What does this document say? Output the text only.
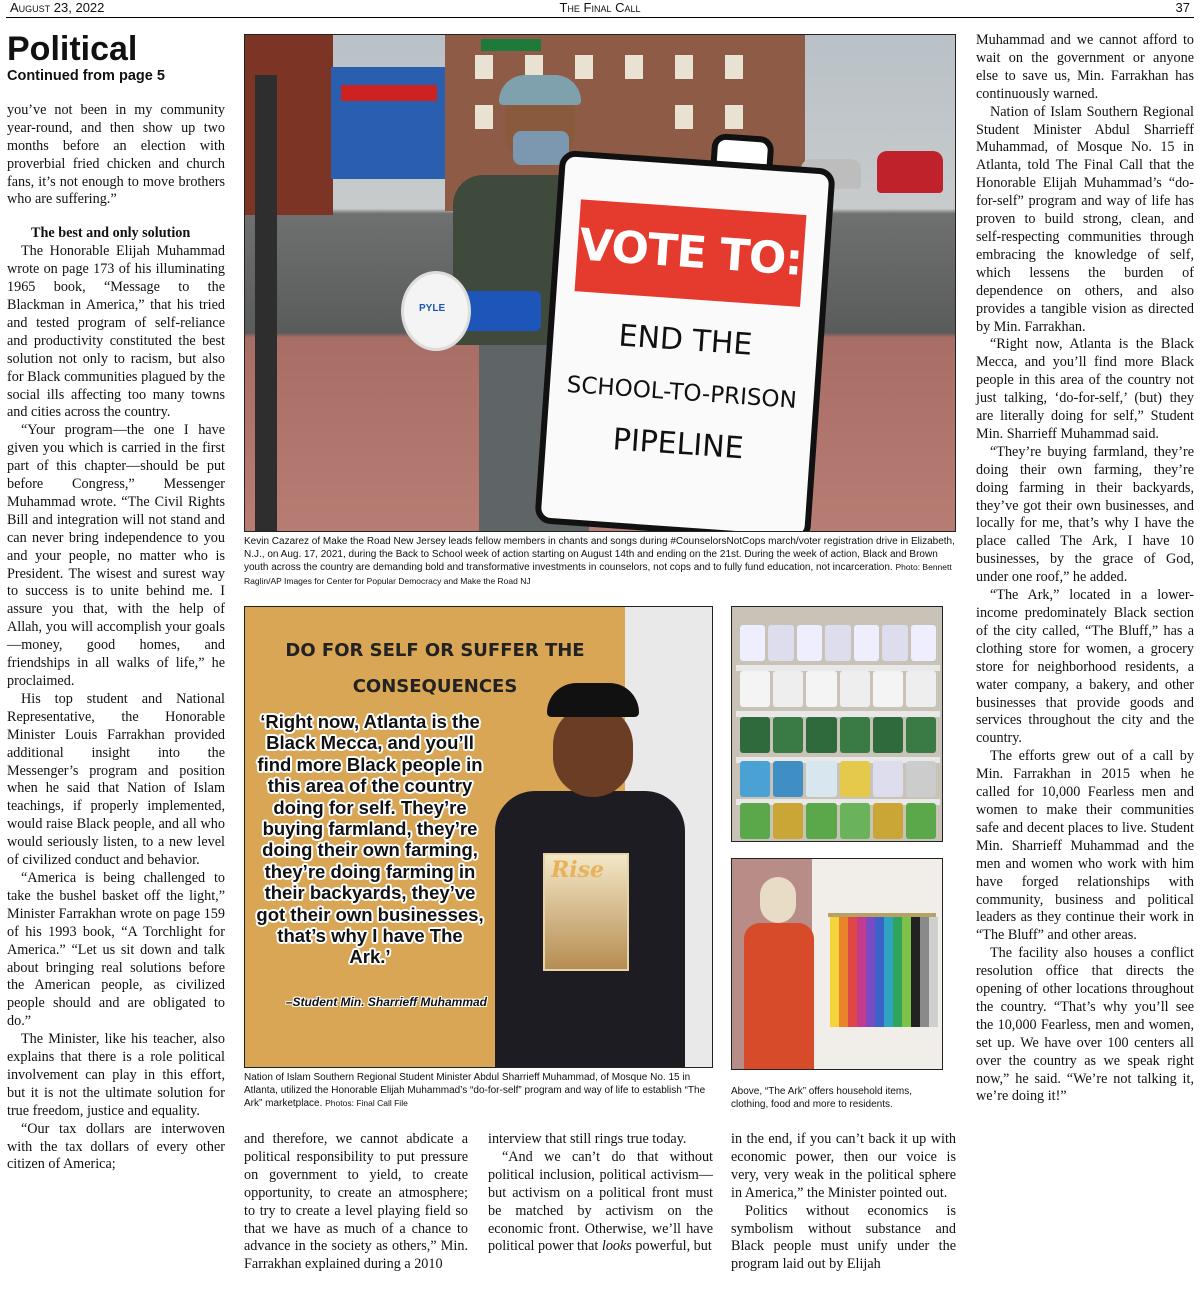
August 23, 2022	The Final Call	37
Political
Continued from page 5

you’ve not been in my community year-round, and then show up two months before an election with proverbial fried chicken and church fans, it’s not enough to move brothers who are suffering.”

The best and only solution

The Honorable Elijah Muhammad wrote on page 173 of his illuminating 1965 book, “Message to the Blackman in America,” that his tried and tested program of self-reliance and productivity constituted the best solution not only to racism, but also for Black communities plagued by the social ills affecting too many towns and cities across the country.

“Your program—the one I have given you which is carried in the first part of this chapter—should be put before Congress,” Messenger Muhammad wrote. “The Civil Rights Bill and integration will not stand and can never bring independence to you and your people, no matter who is President. The wisest and surest way to success is to unite behind me. I assure you that, with the help of Allah, you will accomplish your goals—money, good homes, and friendships in all walks of life,” he proclaimed.

His top student and National Representative, the Honorable Minister Louis Farrakhan provided additional insight into the Messenger’s program and position when he said that Nation of Islam teachings, if properly implemented, would raise Black people, and all who would seriously listen, to a new level of civilized conduct and behavior.

“America is being challenged to take the bushel basket off the light,” Minister Farrakhan wrote on page 159 of his 1993 book, “A Torchlight for America.” “Let us sit down and talk about bringing real solutions before the American people, as civilized people should and are obligated to do.”

The Minister, like his teacher, also explains that there is a role political involvement can play in this effort, but it is not the ultimate solution for true freedom, justice and equality.

“Our tax dollars are interwoven with the tax dollars of every other citizen of America;

PYLE
VOTE TO:
END THE
SCHOOL-TO-PRISON
PIPELINE
Kevin Cazarez of Make the Road New Jersey leads fellow members in chants and songs during #CounselorsNotCops march/voter registration drive in Elizabeth, N.J., on Aug. 17, 2021, during the Back to School week of action starting on August 14th and ending on the 21st. During the week of action, Black and Brown youth across the country are demanding bold and transformative investments in counselors, not cops and to fully fund education, not incarceration. Photo: Bennett Raglin/AP Images for Center for Popular Democracy and Make the Road NJ
DO FOR SELF OR SUFFER THE
CONSEQUENCES
Rise
‘Right now, Atlanta is the Black Mecca, and you’ll find more Black people in this area of the country doing for self. They’re buying farmland, they’re doing their own farming, they’re doing farming in their backyards, they’ve got their own businesses, that’s why I have The Ark.’
–Student Min. Sharrieff Muhammad
Nation of Islam Southern Regional Student Minister Abdul Sharrieff Muhammad, of Mosque No. 15 in Atlanta, utilized the Honorable Elijah Muhammad’s “do-for-self” program and way of life to establish “The Ark” marketplace. Photos: Final Call File
Above, “The Ark” offers household items, clothing, food and more to residents.

and therefore, we cannot abdicate a political responsibility to put pressure on government to yield, to create opportunity, to create an atmosphere; to try to create a level playing field so that we have as much of a chance to advance in the society as others,” Min. Farrakhan explained during a 2010

interview that still rings true today.

“And we can’t do that without political inclusion, political activism—but activism on a political front must be matched by activism on the economic front. Otherwise, we’ll have political power that looks powerful, but

in the end, if you can’t back it up with economic power, then our voice is very, very weak in the political sphere in America,” the Minister pointed out.

Politics without economics is symbolism without substance and Black people must unify under the program laid out by Elijah

Muhammad and we cannot afford to wait on the government or anyone else to save us, Min. Farrakhan has continuously warned.

Nation of Islam Southern Regional Student Minister Abdul Sharrieff Muhammad, of Mosque No. 15 in Atlanta, told The Final Call that the Honorable Elijah Muhammad’s “do-for-self” program and way of life has proven to build strong, clean, and self-respecting communities through embracing the knowledge of self, which lessens the burden of dependence on others, and also provides a tangible vision as directed by Min. Farrakhan.

“Right now, Atlanta is the Black Mecca, and you’ll find more Black people in this area of the country not just talking, ‘do-for-self,’ (but) they are literally doing for self,” Student Min. Sharrieff Muhammad said.

“They’re buying farmland, they’re doing their own farming, they’re doing farming in their backyards, they’ve got their own businesses, and locally for me, that’s why I have the place called The Ark, I have 10 businesses, by the grace of God, under one roof,” he added.

“The Ark,” located in a lower-income predominately Black section of the city called, “The Bluff,” has a clothing store for women, a grocery store for neighborhood residents, a water company, a bakery, and other businesses that provide goods and services throughout the city and the country.

The efforts grew out of a call by Min. Farrakhan in 2015 when he called for 10,000 Fearless men and women to make their communities safe and decent places to live. Student Min. Sharrieff Muhammad and the men and women who work with him have forged relationships with community, business and political leaders as they continue their work in “The Bluff” and other areas.

The facility also houses a conflict resolution office that directs the opening of other locations throughout the country. “That’s why you’ll see the 10,000 Fearless, men and women, set up. We have over 100 centers all over the country as we speak right now,” he said. “We’re not talking it, we’re doing it!”
